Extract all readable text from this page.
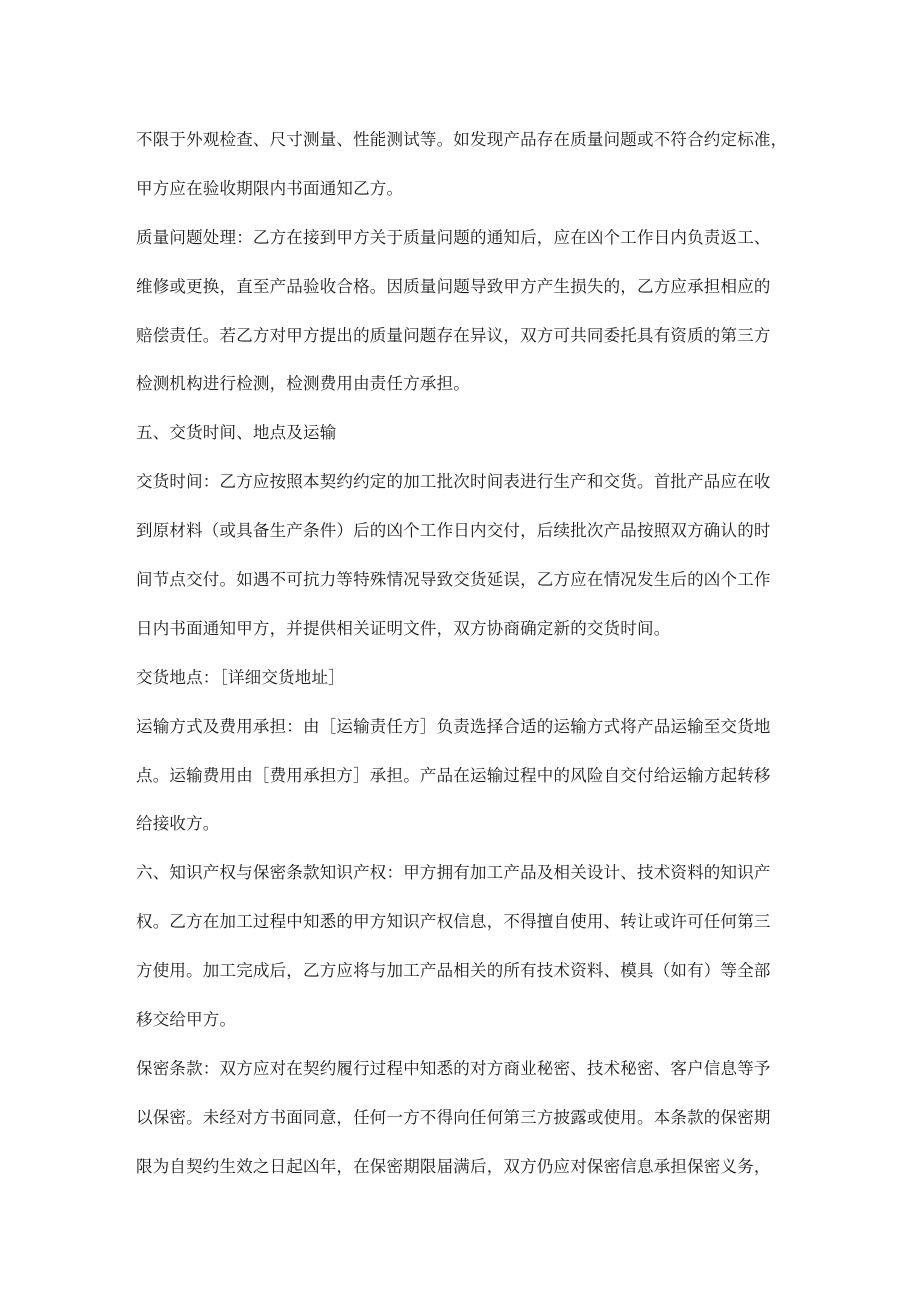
不限于外观检查、尺寸测量、性能测试等。如发现产品存在质量问题或不符合约定标准，
甲方应在验收期限内书面通知乙方。
质量问题处理：乙方在接到甲方关于质量问题的通知后，应在凶个工作日内负责返工、
维修或更换，直至产品验收合格。因质量问题导致甲方产生损失的，乙方应承担相应的
赔偿责任。若乙方对甲方提出的质量问题存在异议，双方可共同委托具有资质的第三方
检测机构进行检测，检测费用由责任方承担。
五、交货时间、地点及运输
交货时间：乙方应按照本契约约定的加工批次时间表进行生产和交货。首批产品应在收
到原材料（或具备生产条件）后的凶个工作日内交付，后续批次产品按照双方确认的时
间节点交付。如遇不可抗力等特殊情况导致交货延误，乙方应在情况发生后的凶个工作
日内书面通知甲方，并提供相关证明文件，双方协商确定新的交货时间。
交货地点：［详细交货地址］
运输方式及费用承担：由［运输责任方］负责选择合适的运输方式将产品运输至交货地
点。运输费用由［费用承担方］承担。产品在运输过程中的风险自交付给运输方起转移
给接收方。
六、知识产权与保密条款知识产权：甲方拥有加工产品及相关设计、技术资料的知识产
权。乙方在加工过程中知悉的甲方知识产权信息，不得擅自使用、转让或许可任何第三
方使用。加工完成后，乙方应将与加工产品相关的所有技术资料、模具（如有）等全部
移交给甲方。
保密条款：双方应对在契约履行过程中知悉的对方商业秘密、技术秘密、客户信息等予
以保密。未经对方书面同意，任何一方不得向任何第三方披露或使用。本条款的保密期
限为自契约生效之日起凶年，在保密期限届满后，双方仍应对保密信息承担保密义务，
